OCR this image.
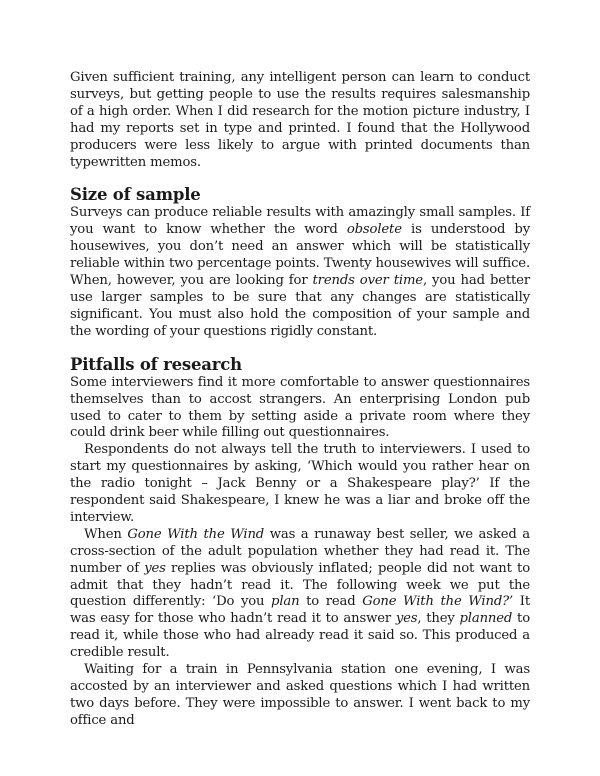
Given sufficient training, any intelligent person can learn to conduct surveys, but getting people to use the results requires salesmanship of a high order. When I did research for the motion picture industry, I had my reports set in type and printed. I found that the Hollywood producers were less likely to argue with printed documents than typewritten memos.

Size of sample

Surveys can produce reliable results with amazingly small samples. If you want to know whether the word obsolete is understood by housewives, you don’t need an answer which will be statistically reliable within two percentage points. Twenty housewives will suffice. When, however, you are looking for trends over time, you had better use larger samples to be sure that any changes are statistically significant. You must also hold the composition of your sample and the wording of your questions rigidly constant.

Pitfalls of research

Some interviewers find it more comfortable to answer questionnaires themselves than to accost strangers. An enterprising London pub used to cater to them by setting aside a private room where they could drink beer while filling out questionnaires.

Respondents do not always tell the truth to interviewers. I used to start my questionnaires by asking, ‘Which would you rather hear on the radio tonight – Jack Benny or a Shakespeare play?’ If the respondent said Shakespeare, I knew he was a liar and broke off the interview.

When Gone With the Wind was a runaway best seller, we asked a cross-section of the adult population whether they had read it. The number of yes replies was obviously inflated; people did not want to admit that they hadn’t read it. The following week we put the question differently: ‘Do you plan to read Gone With the Wind?’ It was easy for those who hadn’t read it to answer yes, they planned to read it, while those who had already read it said so. This produced a credible result.

Waiting for a train in Pennsylvania station one evening, I was accosted by an interviewer and asked questions which I had written two days before. They were impossible to answer. I went back to my office and
